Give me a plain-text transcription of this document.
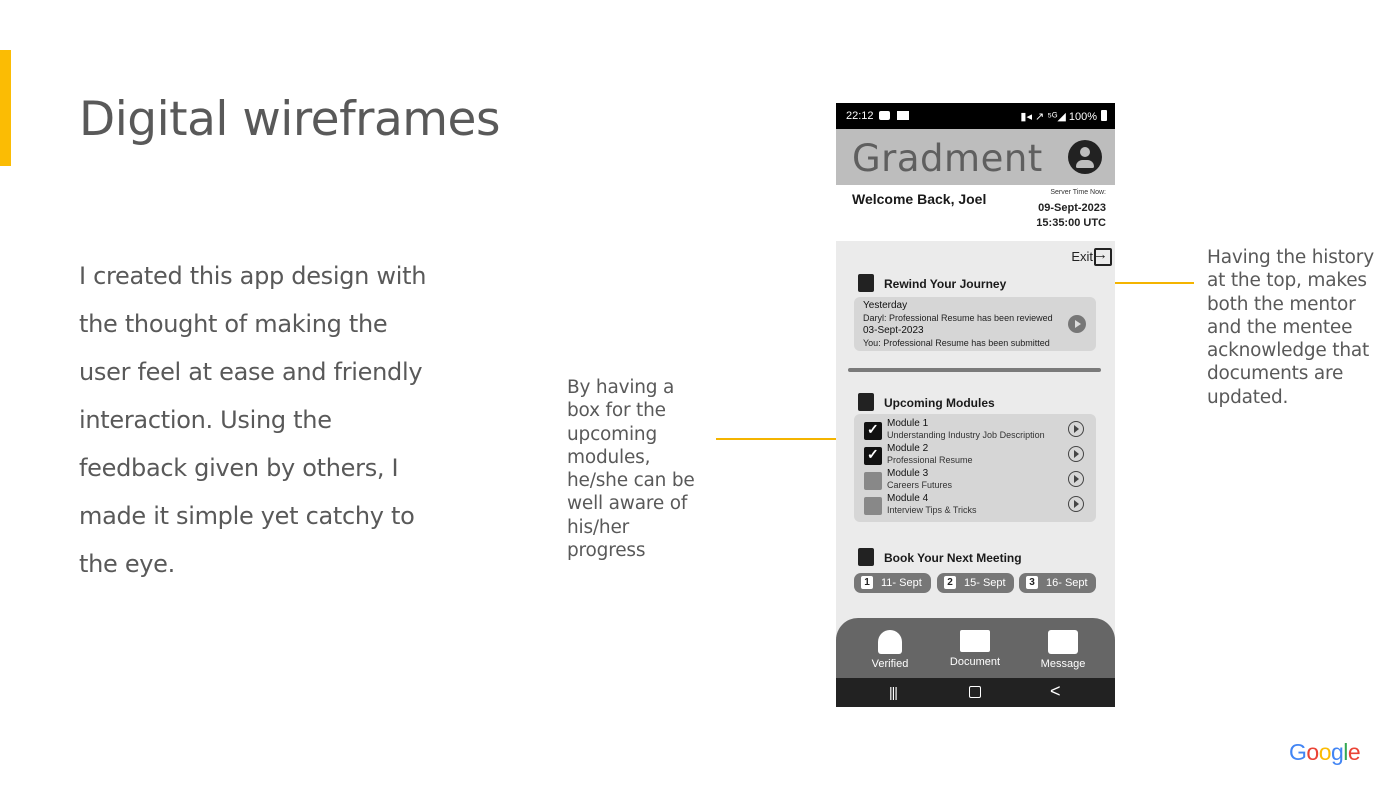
Digital wireframes
I created this app design with the thought of making the user feel at ease and friendly interaction. Using the feedback given by others, I made it simple yet catchy to the eye.
By having a box for the upcoming modules, he/she can be well aware of his/her progress
Having the history at the top, makes both the mentor and the mentee acknowledge that documents are updated.
Google
22:12	▮◂ ↗ ⁵ᴳ◢ 100%
Gradment
Welcome Back, Joel	Server Time Now:
09-Sept-2023
15:35:00 UTC
Exit
→
Rewind Your Journey
Yesterday
Daryl: Professional Resume has been reviewed
03-Sept-2023
You: Professional Resume has been submitted
Upcoming Modules
✓
Module 1
Understanding Industry Job Description
✓
Module 2
Professional Resume
Module 3
Careers Futures
Module 4
Interview Tips & Tricks
Book Your Next Meeting
1 11- Sept	2 15- Sept	3 16- Sept
Verified	Document	Message
|||	<
